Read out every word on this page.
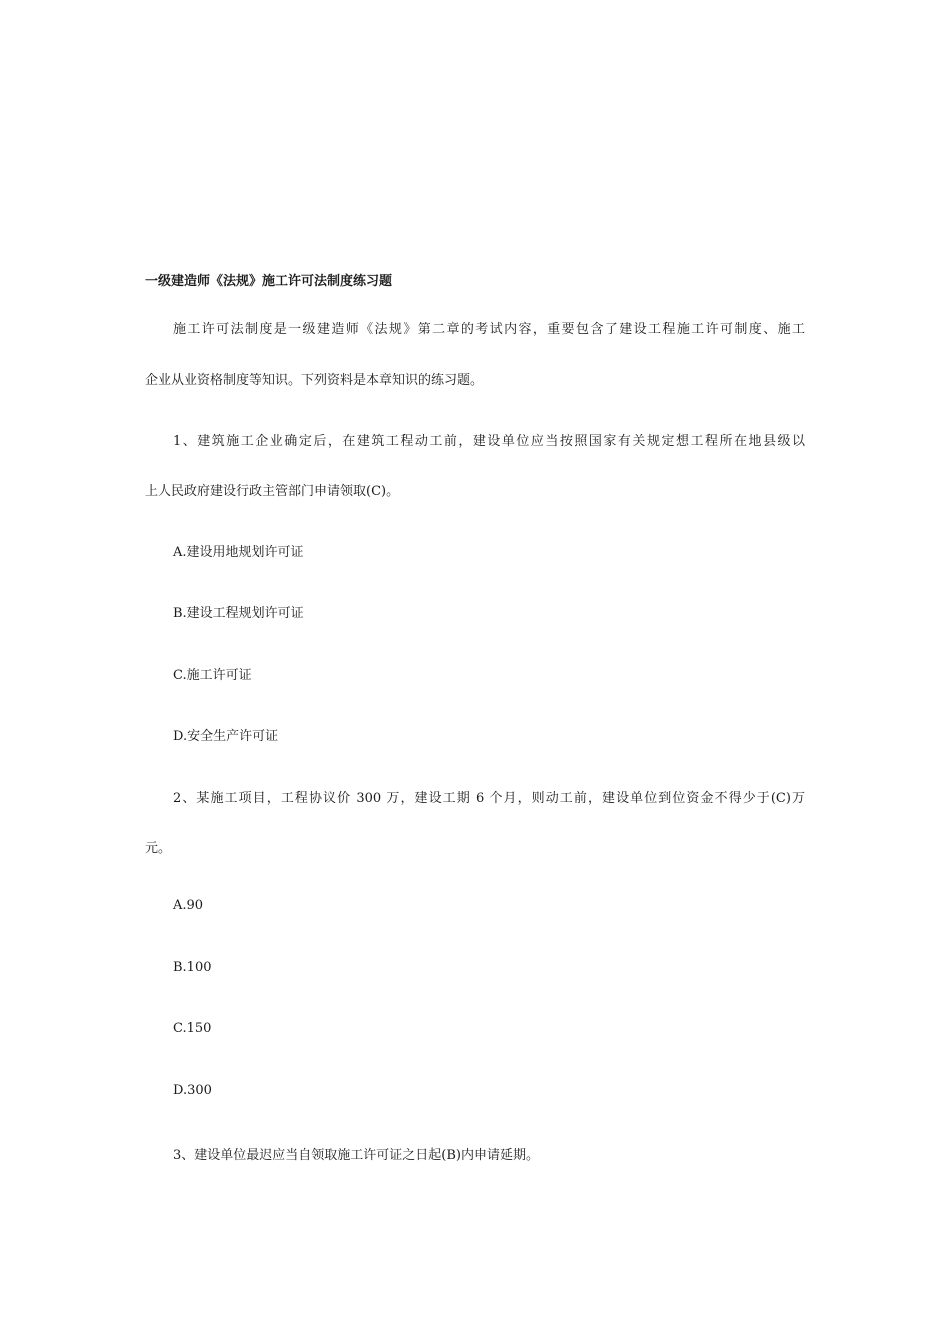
一级建造师《法规》施工许可法制度练习题
施工许可法制度是一级建造师《法规》第二章的考试内容，重要包含了建设工程施工许可制度、施工
企业从业资格制度等知识。下列资料是本章知识的练习题。
1、建筑施工企业确定后，在建筑工程动工前，建设单位应当按照国家有关规定想工程所在地县级以
上人民政府建设行政主管部门申请领取(C)。
A.建设用地规划许可证
B.建设工程规划许可证
C.施工许可证
D.安全生产许可证
2、某施工项目，工程协议价 300 万，建设工期 6 个月，则动工前，建设单位到位资金不得少于(C)万
元。
A.90
B.100
C.150
D.300
3、建设单位最迟应当自领取施工许可证之日起(B)内申请延期。
